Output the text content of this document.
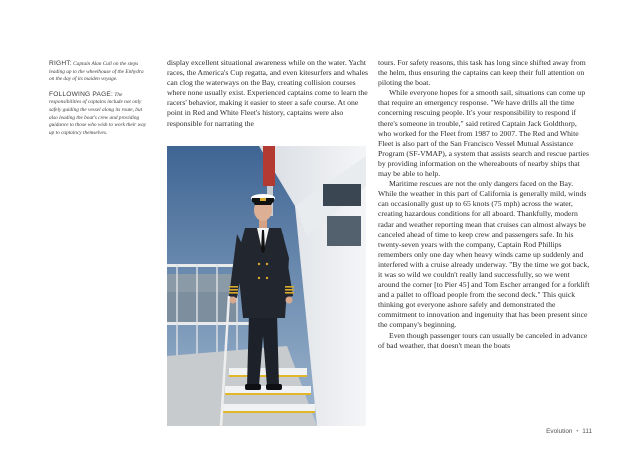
RIGHT: Captain Alan Cull on the steps leading up to the wheelhouse of the Enhydra on the day of its maiden voyage.

FOLLOWING PAGE: The responsibilities of captains include not only safely guiding the vessel along its route, but also leading the boat's crew and providing guidance to those who wish to work their way up to captaincy themselves.

display excellent situational awareness while on the water. Yacht races, the America's Cup regatta, and even kitesurfers and whales can clog the waterways on the Bay, creating collision courses where none usually exist. Experienced captains come to learn the racers' behavior, making it easier to steer a safe course. At one point in Red and White Fleet's history, captains were also responsible for narrating the

tours. For safety reasons, this task has long since shifted away from the helm, thus ensuring the captains can keep their full attention on piloting the boat.

While everyone hopes for a smooth sail, situations can come up that require an emergency response. "We have drills all the time concerning rescuing people. It's your responsibility to respond if there's someone in trouble," said retired Captain Jack Goldthorp, who worked for the Fleet from 1987 to 2007. The Red and White Fleet is also part of the San Francisco Vessel Mutual Assistance Program (SF-VMAP), a system that assists search and rescue parties by providing information on the whereabouts of nearby ships that may be able to help.

Maritime rescues are not the only dangers faced on the Bay. While the weather in this part of California is generally mild, winds can occasionally gust up to 65 knots (75 mph) across the water, creating hazardous conditions for all aboard. Thankfully, modern radar and weather reporting mean that cruises can almost always be canceled ahead of time to keep crew and passengers safe. In his twenty-seven years with the company, Captain Rod Phillips remembers only one day when heavy winds came up suddenly and interfered with a cruise already underway. "By the time we got back, it was so wild we couldn't really land successfully, so we went around the corner [to Pier 45] and Tom Escher arranged for a forklift and a pallet to offload people from the second deck." This quick thinking got everyone ashore safely and demonstrated the commitment to innovation and ingenuity that has been present since the company's beginning.

Even though passenger tours can usually be canceled in advance of bad weather, that doesn't mean the boats

Evolution • 111
